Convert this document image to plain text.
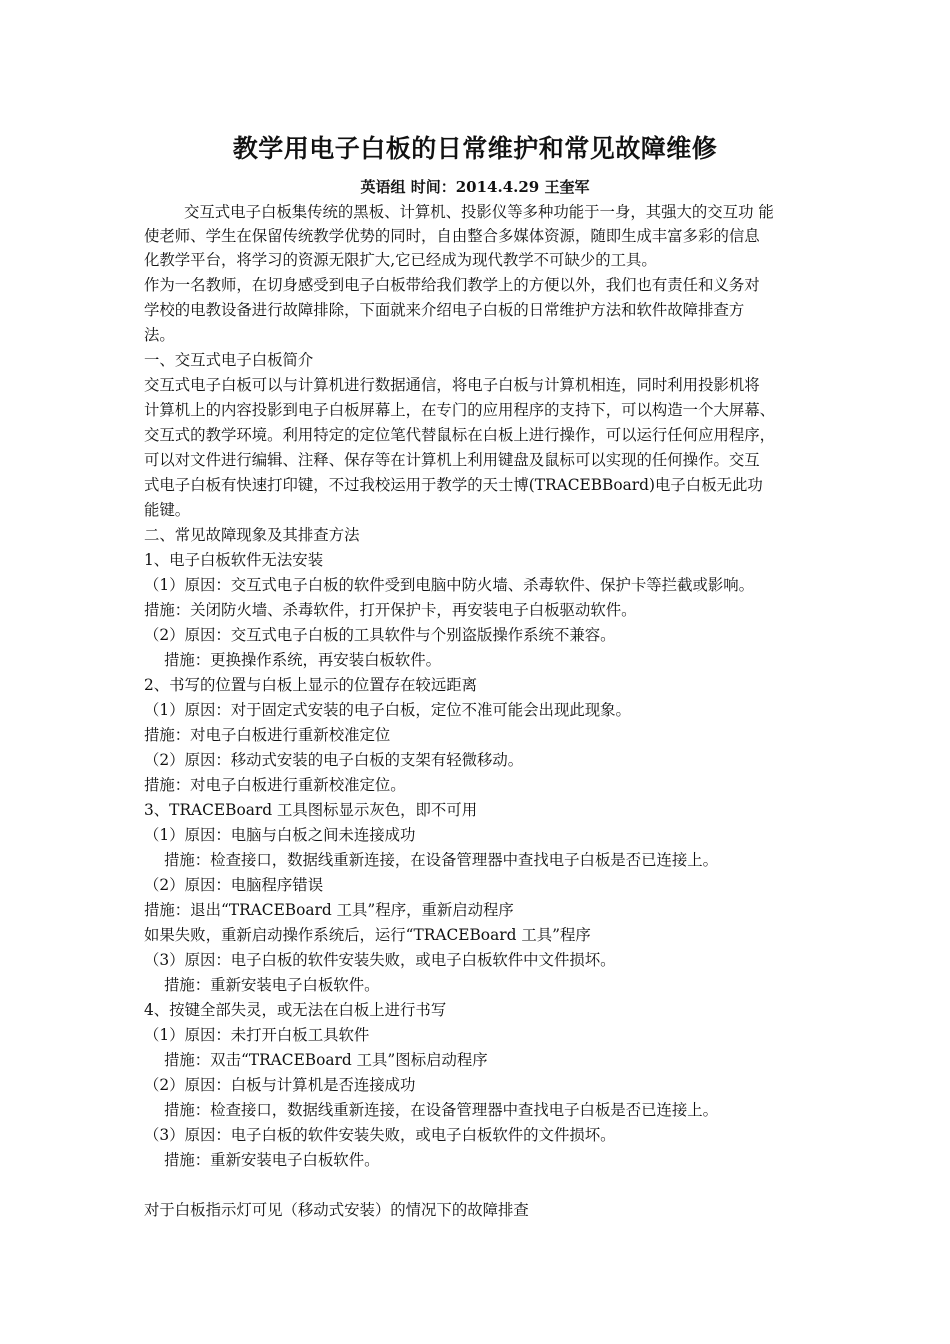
教学用电子白板的日常维护和常见故障维修
英语组 时间：2014.4.29 王奎军
交互式电子白板集传统的黑板、计算机、投影仪等多种功能于一身，其强大的交互功 能
使老师、学生在保留传统教学优势的同时，自由整合多媒体资源，随即生成丰富多彩的信息
化教学平台，将学习的资源无限扩大,它已经成为现代教学不可缺少的工具。
作为一名教师，在切身感受到电子白板带给我们教学上的方便以外，我们也有责任和义务对
学校的电教设备进行故障排除，下面就来介绍电子白板的日常维护方法和软件故障排查方
法。
一、交互式电子白板简介
交互式电子白板可以与计算机进行数据通信，将电子白板与计算机相连，同时利用投影机将
计算机上的内容投影到电子白板屏幕上，在专门的应用程序的支持下，可以构造一个大屏幕、
交互式的教学环境。利用特定的定位笔代替鼠标在白板上进行操作，可以运行任何应用程序，
可以对文件进行编辑、注释、保存等在计算机上利用键盘及鼠标可以实现的任何操作。交互
式电子白板有快速打印键，不过我校运用于教学的天士博(TRACEBBoard)电子白板无此功
能键。
二、常见故障现象及其排查方法
1、电子白板软件无法安装
（1）原因：交互式电子白板的软件受到电脑中防火墙、杀毒软件、保护卡等拦截或影响。
措施：关闭防火墙、杀毒软件，打开保护卡，再安装电子白板驱动软件。
（2）原因：交互式电子白板的工具软件与个别盗版操作系统不兼容。
措施：更换操作系统，再安装白板软件。
2、书写的位置与白板上显示的位置存在较远距离
（1）原因：对于固定式安装的电子白板，定位不准可能会出现此现象。
措施：对电子白板进行重新校准定位
（2）原因：移动式安装的电子白板的支架有轻微移动。
措施：对电子白板进行重新校准定位。
3、TRACEBoard 工具图标显示灰色，即不可用
（1）原因：电脑与白板之间未连接成功
措施：检查接口，数据线重新连接，在设备管理器中查找电子白板是否已连接上。
（2）原因：电脑程序错误
措施：退出“TRACEBoard 工具”程序，重新启动程序
如果失败，重新启动操作系统后，运行“TRACEBoard 工具”程序
（3）原因：电子白板的软件安装失败，或电子白板软件中文件损坏。
措施：重新安装电子白板软件。
4、按键全部失灵，或无法在白板上进行书写
（1）原因：未打开白板工具软件
措施：双击“TRACEBoard 工具”图标启动程序
（2）原因：白板与计算机是否连接成功
措施：检查接口，数据线重新连接，在设备管理器中查找电子白板是否已连接上。
（3）原因：电子白板的软件安装失败，或电子白板软件的文件损坏。
措施：重新安装电子白板软件。
对于白板指示灯可见（移动式安装）的情况下的故障排查
